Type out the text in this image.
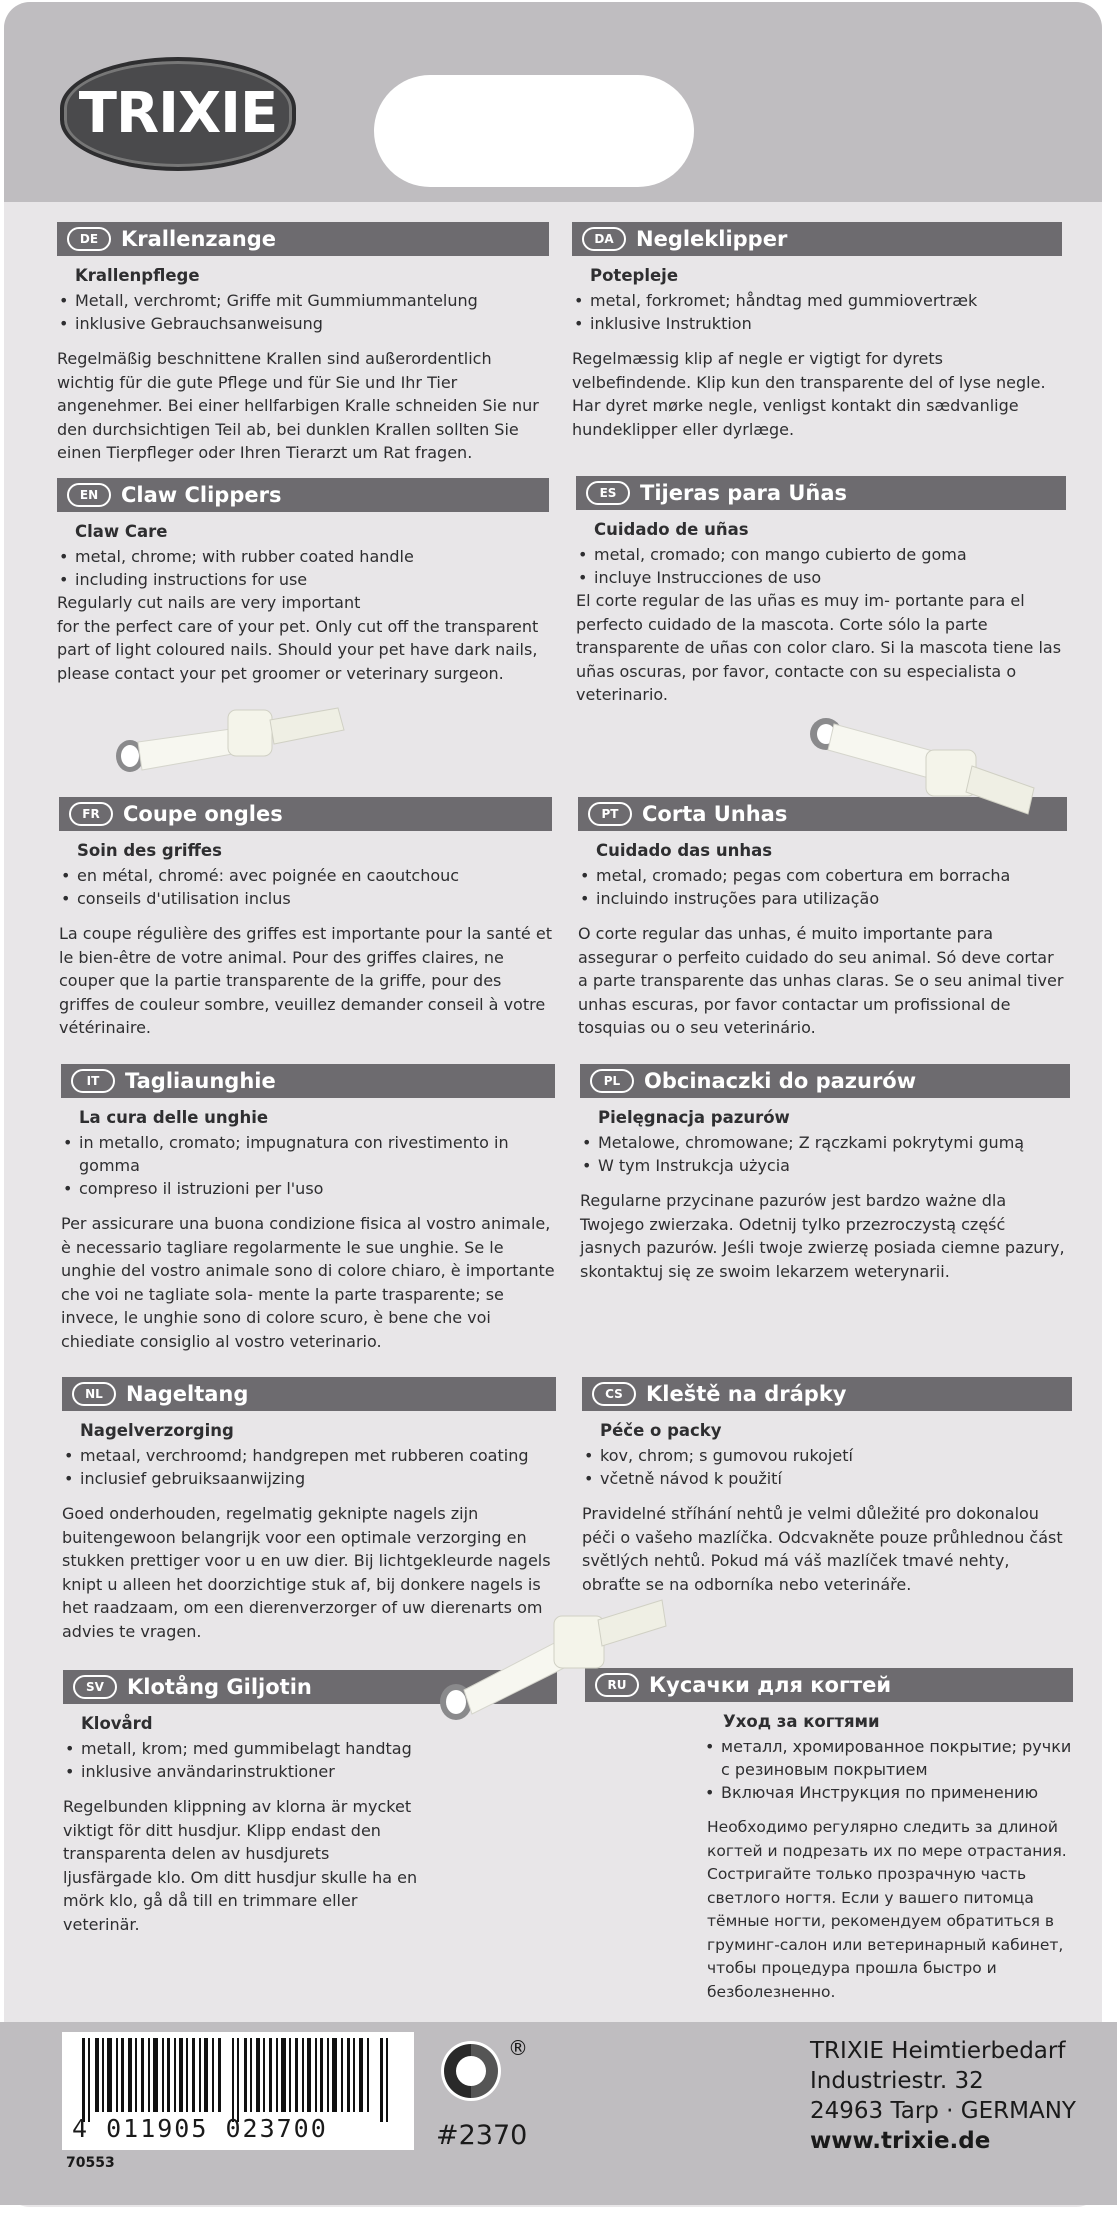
TRIXIE
DE	Krallenzange
Krallenpflege
• Metall, verchromt; Griffe mit Gummiummantelung
• inklusive Gebrauchsanweisung

Regelmäßig beschnittene Krallen sind außerordentlich wichtig für die gute Pflege und für Sie und Ihr Tier angenehmer. Bei einer hellfarbigen Kralle schneiden Sie nur den durchsichtigen Teil ab, bei dunklen Krallen sollten Sie einen Tierpfleger oder Ihren Tierarzt um Rat fragen.

DA	Negleklipper
Potepleje
• metal, forkromet; håndtag med gummiovertræk
• inklusive Instruktion

Regelmæssig klip af negle er vigtigt for dyrets velbefindende. Klip kun den transparente del of lyse negle. Har dyret mørke negle, venligst kontakt din sædvanlige hundeklipper eller dyrlæge.

EN	Claw Clippers
Claw Care
• metal, chrome; with rubber coated handle
• including instructions for use

Regularly cut nails are very important
for the perfect care of your pet. Only cut off the transparent part of light coloured nails. Should your pet have dark nails, please contact your pet groomer or veterinary surgeon.

ES	Tijeras para Uñas
Cuidado de uñas
• metal, cromado; con mango cubierto de goma
• incluye Instrucciones de uso

El corte regular de las uñas es muy im- portante para el perfecto cuidado de la mascota. Corte sólo la parte transparente de uñas con color claro. Si la mascota tiene las uñas oscuras, por favor, contacte con su especialista o veterinario.

FR	Coupe ongles
Soin des griffes
• en métal, chromé: avec poignée en caoutchouc
• conseils d'utilisation inclus

La coupe régulière des griffes est importante pour la santé et le bien-être de votre animal. Pour des griffes claires, ne couper que la partie transparente de la griffe, pour des griffes de couleur sombre, veuillez demander conseil à votre vétérinaire.

PT	Corta Unhas
Cuidado das unhas
• metal, cromado; pegas com cobertura em borracha
• incluindo instruções para utilização

O corte regular das unhas, é muito importante para assegurar o perfeito cuidado do seu animal. Só deve cortar a parte transparente das unhas claras. Se o seu animal tiver unhas escuras, por favor contactar um profissional de tosquias ou o seu veterinário.

IT	Tagliaunghie
La cura delle unghie
• in metallo, cromato; impugnatura con rivestimento in gomma
• compreso il istruzioni per l'uso

Per assicurare una buona condizione fisica al vostro animale, è necessario tagliare regolarmente le sue unghie. Se le unghie del vostro animale sono di colore chiaro, è importante che voi ne tagliate sola- mente la parte trasparente; se invece, le unghie sono di colore scuro, è bene che voi chiediate consiglio al vostro veterinario.

PL	Obcinaczki do pazurów
Pielęgnacja pazurów
• Metalowe, chromowane; Z rączkami pokrytymi gumą
• W tym Instrukcja użycia

Regularne przycinane pazurów jest bardzo ważne dla Twojego zwierzaka. Odetnij tylko przezroczystą część jasnych pazurów. Jeśli twoje zwierzę posiada ciemne pazury, skontaktuj się ze swoim lekarzem weterynarii.

NL	Nageltang
Nagelverzorging
• metaal, verchroomd; handgrepen met rubberen coating
• inclusief gebruiksaanwijzing

Goed onderhouden, regelmatig geknipte nagels zijn buitengewoon belangrijk voor een optimale verzorging en stukken prettiger voor u en uw dier. Bij lichtgekleurde nagels knipt u alleen het doorzichtige stuk af, bij donkere nagels is het raadzaam, om een dierenverzorger of uw dierenarts om advies te vragen.

CS	Kleště na drápky
Péče o packy
• kov, chrom; s gumovou rukojetí
• včetně návod k použití

Pravidelné stříhání nehtů je velmi důležité pro dokonalou péči o vašeho mazlíčka. Odcvakněte pouze průhlednou část světlých nehtů. Pokud má váš mazlíček tmavé nehty, obraťte se na odborníka nebo veterináře.

SV	Klotång Giljotin
Klovård
• metall, krom; med gummibelagt handtag
• inklusive användarinstruktioner

Regelbunden klippning av klorna är mycket viktigt för ditt husdjur. Klipp endast den transparenta delen av husdjurets ljusfärgade klo. Om ditt husdjur skulle ha en mörk klo, gå då till en trimmare eller veterinär.

RU	Кусачки для когтей
Уход за когтями
• металл, хромированное покрытие; ручки с резиновым покрытием
• Включая Инструкция по применению

Необходимо регулярно следить за длиной когтей и подрезать их по мере отрастания. Состригайте только прозрачную часть светлого ногтя. Если у вашего питомца тёмные ногти, рекомендуем обратиться в груминг-салон или ветеринарный кабинет, чтобы процедура прошла быстро и безболезненно.

4 011905 023700
70553
®
#2370
TRIXIE Heimtierbedarf
Industriestr. 32
24963 Tarp · GERMANY
www.trixie.de
